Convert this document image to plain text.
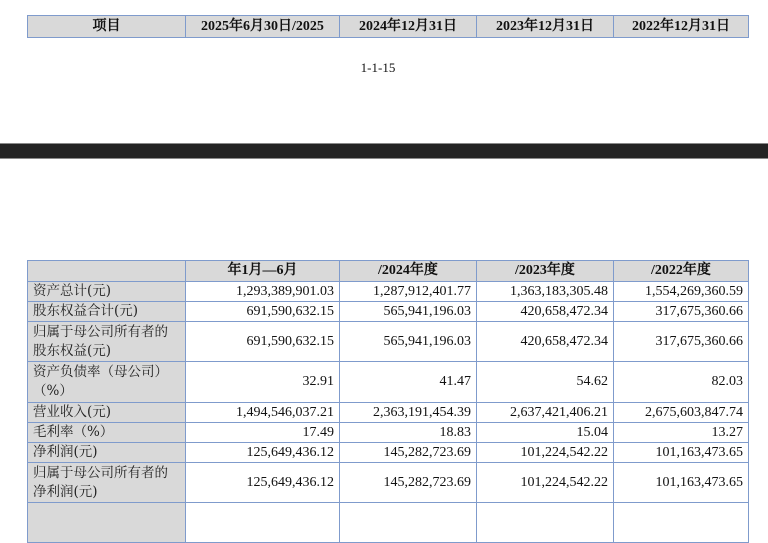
项目	2025年6月30日/2025	2024年12月31日	2023年12月31日	2022年12月31日
1-1-15
	年1月—6月	/2024年度	/2023年度	/2022年度
资产总计(元)	1,293,389,901.03	1,287,912,401.77	1,363,183,305.48	1,554,269,360.59
股东权益合计(元)	691,590,632.15	565,941,196.03	420,658,472.34	317,675,360.66
归属于母公司所有者的股东权益(元)	691,590,632.15	565,941,196.03	420,658,472.34	317,675,360.66
资产负债率（母公司）（%）	32.91	41.47	54.62	82.03
营业收入(元)	1,494,546,037.21	2,363,191,454.39	2,637,421,406.21	2,675,603,847.74
毛利率（%）	17.49	18.83	15.04	13.27
净利润(元)	125,649,436.12	145,282,723.69	101,224,542.22	101,163,473.65
归属于母公司所有者的净利润(元)	125,649,436.12	145,282,723.69	101,224,542.22	101,163,473.65
